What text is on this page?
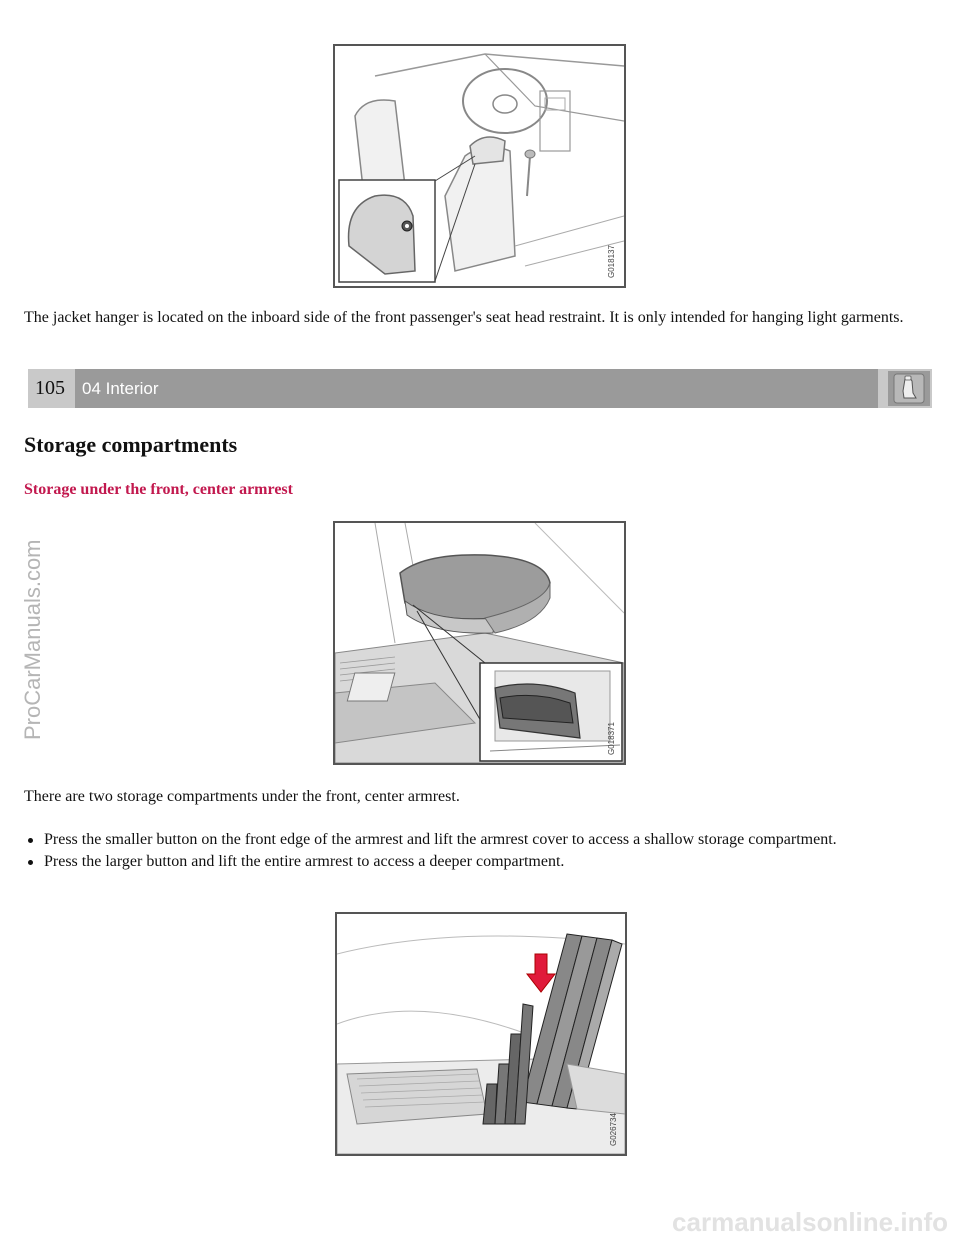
G018137

The jacket hanger is located on the inboard side of the front passenger's seat head restraint. It is only intended for hanging light garments.

105	04 Interior
Storage compartments
Storage under the front, center armrest
G018371

There are two storage compartments under the front, center armrest.

Press the smaller button on the front edge of the armrest and lift the armrest cover to access a shallow storage compartment.
Press the larger button and lift the entire armrest to access a deeper compartment.
G026734
ProCarManuals.com
carmanualsonline.info
